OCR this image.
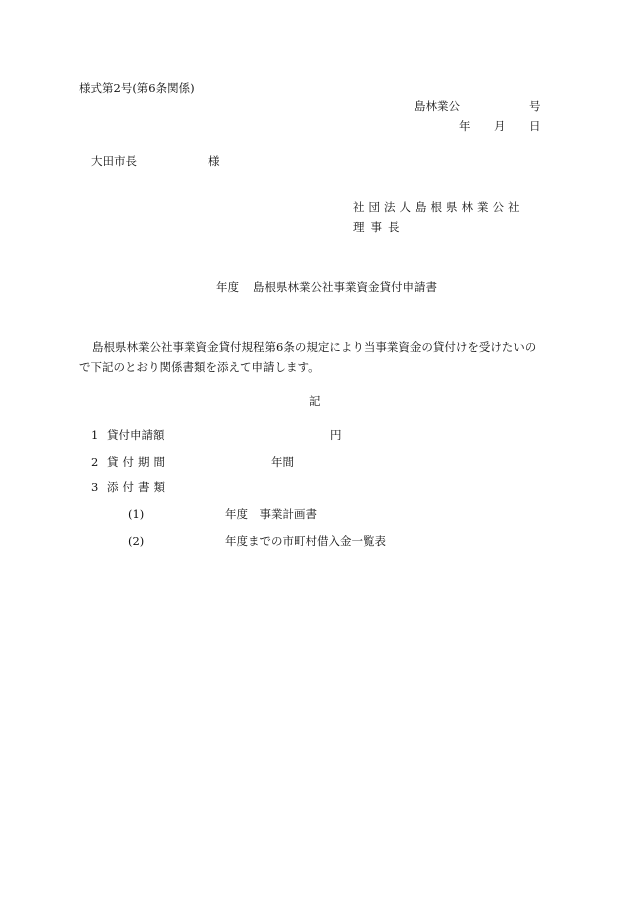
様式第2号(第6条関係)
島林業公	号
年 月 日
大田市長	様
社団法人島根県林業公社
理事長
年度 島根県林業公社事業資金貸付申請書
島根県林業公社事業資金貸付規程第6条の規定により当事業資金の貸付けを受けたいの
で下記のとおり関係書類を添えて申請します。
記
1 貸付申請額	円
2 貸付期間	年間
3 添付書類
(1)	年度　事業計画書
(2)	年度までの市町村借入金一覧表
